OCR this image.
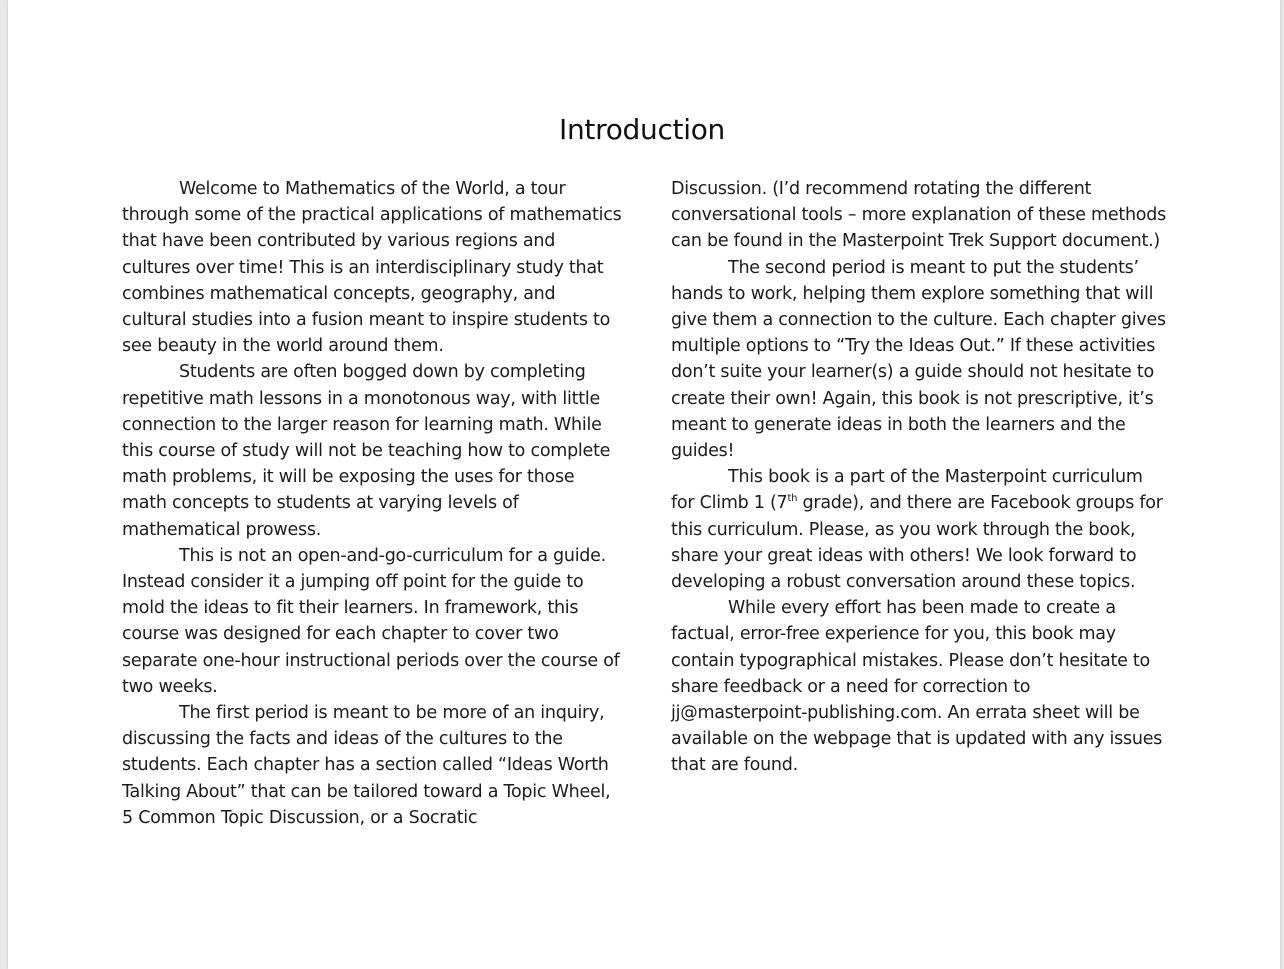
Introduction

Welcome to Mathematics of the World, a tour through some of the practical applications of mathematics that have been contributed by various regions and cultures over time! This is an interdisciplinary study that combines mathematical concepts, geography, and cultural studies into a fusion meant to inspire students to see beauty in the world around them.

Students are often bogged down by completing repetitive math lessons in a monotonous way, with little connection to the larger reason for learning math. While this course of study will not be teaching how to complete math problems, it will be exposing the uses for those math concepts to students at varying levels of mathematical prowess.

This is not an open-and-go-curriculum for a guide. Instead consider it a jumping off point for the guide to mold the ideas to fit their learners. In framework, this course was designed for each chapter to cover two separate one-hour instructional periods over the course of two weeks.

The first period is meant to be more of an inquiry, discussing the facts and ideas of the cultures to the students. Each chapter has a section called “Ideas Worth Talking About” that can be tailored toward a Topic Wheel, 5 Common Topic Discussion, or a Socratic

Discussion. (I’d recommend rotating the different conversational tools – more explanation of these methods can be found in the Masterpoint Trek Support document.)

The second period is meant to put the students’ hands to work, helping them explore something that will give them a connection to the culture. Each chapter gives multiple options to “Try the Ideas Out.” If these activities don’t suite your learner(s) a guide should not hesitate to create their own! Again, this book is not prescriptive, it’s meant to generate ideas in both the learners and the guides!

This book is a part of the Masterpoint curriculum for Climb 1 (7th grade), and there are Facebook groups for this curriculum. Please, as you work through the book, share your great ideas with others! We look forward to developing a robust conversation around these topics.

While every effort has been made to create a factual, error-free experience for you, this book may contain typographical mistakes. Please don’t hesitate to share feedback or a need for correction to jj@masterpoint-publishing.com. An errata sheet will be available on the webpage that is updated with any issues that are found.
